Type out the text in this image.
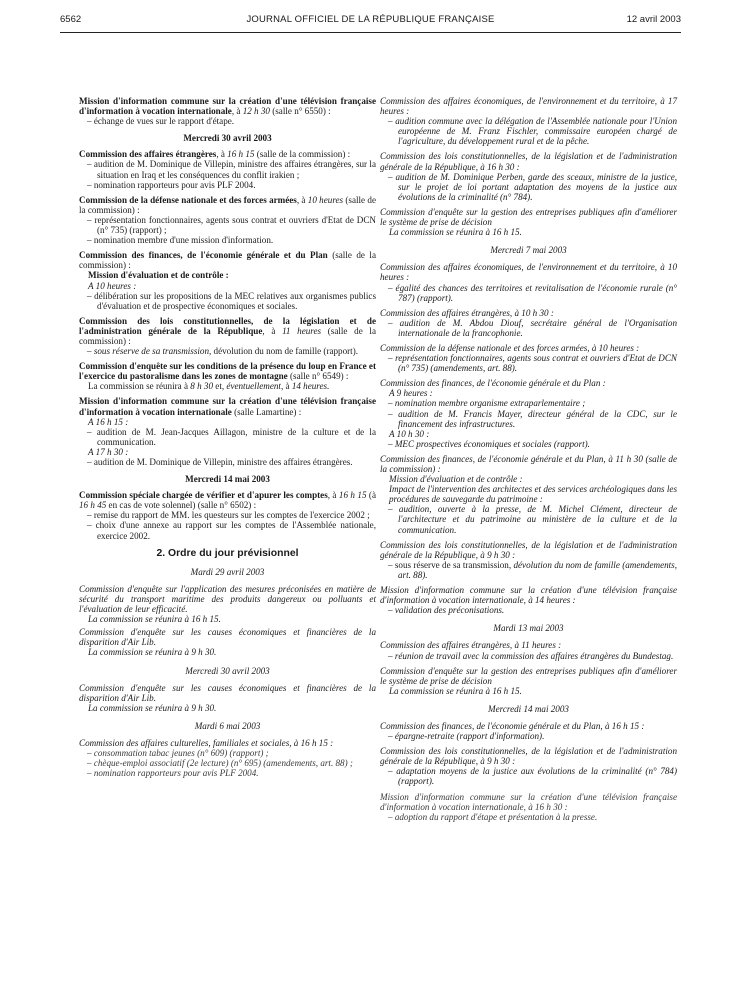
6562	JOURNAL OFFICIEL DE LA RÉPUBLIQUE FRANÇAISE	12 avril 2003

Mission d'information commune sur la création d'une télévision française d'information à vocation internationale, à 12 h 30 (salle n° 6550) :

– échange de vues sur le rapport d'étape.

Mercredi 30 avril 2003

Commission des affaires étrangères, à 16 h 15 (salle de la commission) :

– audition de M. Dominique de Villepin, ministre des affaires étrangères, sur la situation en Iraq et les conséquences du conflit irakien ;

– nomination rapporteurs pour avis PLF 2004.

Commission de la défense nationale et des forces armées, à 10 heures (salle de la commission) :

– représentation fonctionnaires, agents sous contrat et ouvriers d'Etat de DCN (n° 735) (rapport) ;

– nomination membre d'une mission d'information.

Commission des finances, de l'économie générale et du Plan (salle de la commission) :

Mission d'évaluation et de contrôle :

A 10 heures :

– délibération sur les propositions de la MEC relatives aux organismes publics d'évaluation et de prospective économiques et sociales.

Commission des lois constitutionnelles, de la législation et de l'administration générale de la République, à 11 heures (salle de la commission) :

– sous réserve de sa transmission, dévolution du nom de famille (rapport).

Commission d'enquête sur les conditions de la présence du loup en France et l'exercice du pastoralisme dans les zones de montagne (salle n° 6549) :

La commission se réunira à 8 h 30 et, éventuellement, à 14 heures.

Mission d'information commune sur la création d'une télévision française d'information à vocation internationale (salle Lamartine) :

A 16 h 15 :

– audition de M. Jean-Jacques Aillagon, ministre de la culture et de la communication.

A 17 h 30 :

– audition de M. Dominique de Villepin, ministre des affaires étrangères.

Mercredi 14 mai 2003

Commission spéciale chargée de vérifier et d'apurer les comptes, à 16 h 15 (à 16 h 45 en cas de vote solennel) (salle n° 6502) :

– remise du rapport de MM. les questeurs sur les comptes de l'exercice 2002 ;

– choix d'une annexe au rapport sur les comptes de l'Assemblée nationale, exercice 2002.

2. Ordre du jour prévisionnel

Mardi 29 avril 2003

Commission d'enquête sur l'application des mesures préconisées en matière de sécurité du transport maritime des produits dangereux ou polluants et l'évaluation de leur efficacité.

La commission se réunira à 16 h 15.

Commission d'enquête sur les causes économiques et financières de la disparition d'Air Lib.

La commission se réunira à 9 h 30.

Mercredi 30 avril 2003

Commission d'enquête sur les causes économiques et financières de la disparition d'Air Lib.

La commission se réunira à 9 h 30.

Mardi 6 mai 2003

Commission des affaires culturelles, familiales et sociales, à 16 h 15 :

– consommation tabac jeunes (n° 609) (rapport) ;

– chèque-emploi associatif (2e lecture) (n° 695) (amendements, art. 88) ;

– nomination rapporteurs pour avis PLF 2004.

Commission des affaires économiques, de l'environnement et du territoire, à 17 heures :

– audition commune avec la délégation de l'Assemblée nationale pour l'Union européenne de M. Franz Fischler, commissaire européen chargé de l'agriculture, du développement rural et de la pêche.

Commission des lois constitutionnelles, de la législation et de l'administration générale de la République, à 16 h 30 :

– audition de M. Dominique Perben, garde des sceaux, ministre de la justice, sur le projet de loi portant adaptation des moyens de la justice aux évolutions de la criminalité (n° 784).

Commission d'enquête sur la gestion des entreprises publiques afin d'améliorer le système de prise de décision

La commission se réunira à 16 h 15.

Mercredi 7 mai 2003

Commission des affaires économiques, de l'environnement et du territoire, à 10 heures :

– égalité des chances des territoires et revitalisation de l'économie rurale (n° 787) (rapport).

Commission des affaires étrangères, à 10 h 30 :

– audition de M. Abdou Diouf, secrétaire général de l'Organisation internationale de la francophonie.

Commission de la défense nationale et des forces armées, à 10 heures :

– représentation fonctionnaires, agents sous contrat et ouvriers d'Etat de DCN (n° 735) (amendements, art. 88).

Commission des finances, de l'économie générale et du Plan :

A 9 heures :

– nomination membre organisme extraparlementaire ;

– audition de M. Francis Mayer, directeur général de la CDC, sur le financement des infrastructures.

A 10 h 30 :

– MEC prospectives économiques et sociales (rapport).

Commission des finances, de l'économie générale et du Plan, à 11 h 30 (salle de la commission) :

Mission d'évaluation et de contrôle :

Impact de l'intervention des architectes et des services archéologiques dans les procédures de sauvegarde du patrimoine :

– audition, ouverte à la presse, de M. Michel Clément, directeur de l'architecture et du patrimoine au ministère de la culture et de la communication.

Commission des lois constitutionnelles, de la législation et de l'administration générale de la République, à 9 h 30 :

– sous réserve de sa transmission, dévolution du nom de famille (amendements, art. 88).

Mission d'information commune sur la création d'une télévision française d'information à vocation internationale, à 14 heures :

– validation des préconisations.

Mardi 13 mai 2003

Commission des affaires étrangères, à 11 heures :

– réunion de travail avec la commission des affaires étrangères du Bundestag.

Commission d'enquête sur la gestion des entreprises publiques afin d'améliorer le système de prise de décision

La commission se réunira à 16 h 15.

Mercredi 14 mai 2003

Commission des finances, de l'économie générale et du Plan, à 16 h 15 :

– épargne-retraite (rapport d'information).

Commission des lois constitutionnelles, de la législation et de l'administration générale de la République, à 9 h 30 :

– adaptation moyens de la justice aux évolutions de la criminalité (n° 784) (rapport).

Mission d'information commune sur la création d'une télévision française d'information à vocation internationale, à 16 h 30 :

– adoption du rapport d'étape et présentation à la presse.
